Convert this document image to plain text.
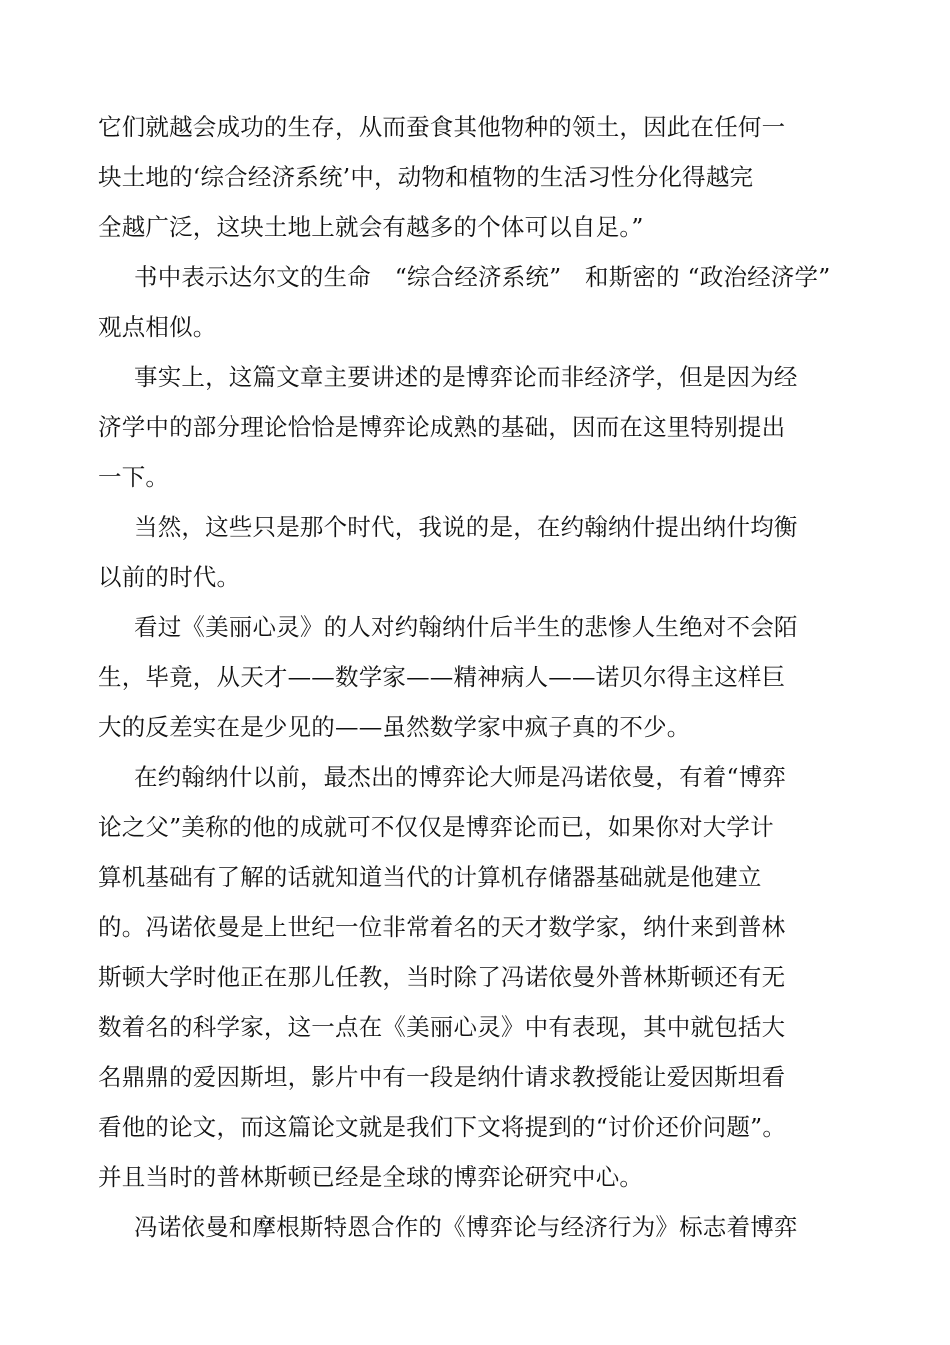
它们就越会成功的生存，从而蚕食其他物种的领土，因此在任何一
块土地的‘综合经济系统’中，动物和植物的生活习性分化得越完
全越广泛，这块土地上就会有越多的个体可以自足。”
书中表示达尔文的生命　“综合经济系统”　和斯密的 “政治经济学”
观点相似。
事实上，这篇文章主要讲述的是博弈论而非经济学，但是因为经
济学中的部分理论恰恰是博弈论成熟的基础，因而在这里特别提出
一下。
当然，这些只是那个时代，我说的是，在约翰纳什提出纳什均衡
以前的时代。
看过《美丽心灵》的人对约翰纳什后半生的悲惨人生绝对不会陌
生，毕竟，从天才——数学家——精神病人——诺贝尔得主这样巨
大的反差实在是少见的——虽然数学家中疯子真的不少。
在约翰纳什以前，最杰出的博弈论大师是冯诺依曼，有着“博弈
论之父”美称的他的成就可不仅仅是博弈论而已，如果你对大学计
算机基础有了解的话就知道当代的计算机存储器基础就是他建立
的。冯诺依曼是上世纪一位非常着名的天才数学家，纳什来到普林
斯顿大学时他正在那儿任教，当时除了冯诺依曼外普林斯顿还有无
数着名的科学家，这一点在《美丽心灵》中有表现，其中就包括大
名鼎鼎的爱因斯坦，影片中有一段是纳什请求教授能让爱因斯坦看
看他的论文，而这篇论文就是我们下文将提到的“讨价还价问题”。
并且当时的普林斯顿已经是全球的博弈论研究中心。
冯诺依曼和摩根斯特恩合作的《博弈论与经济行为》标志着博弈
